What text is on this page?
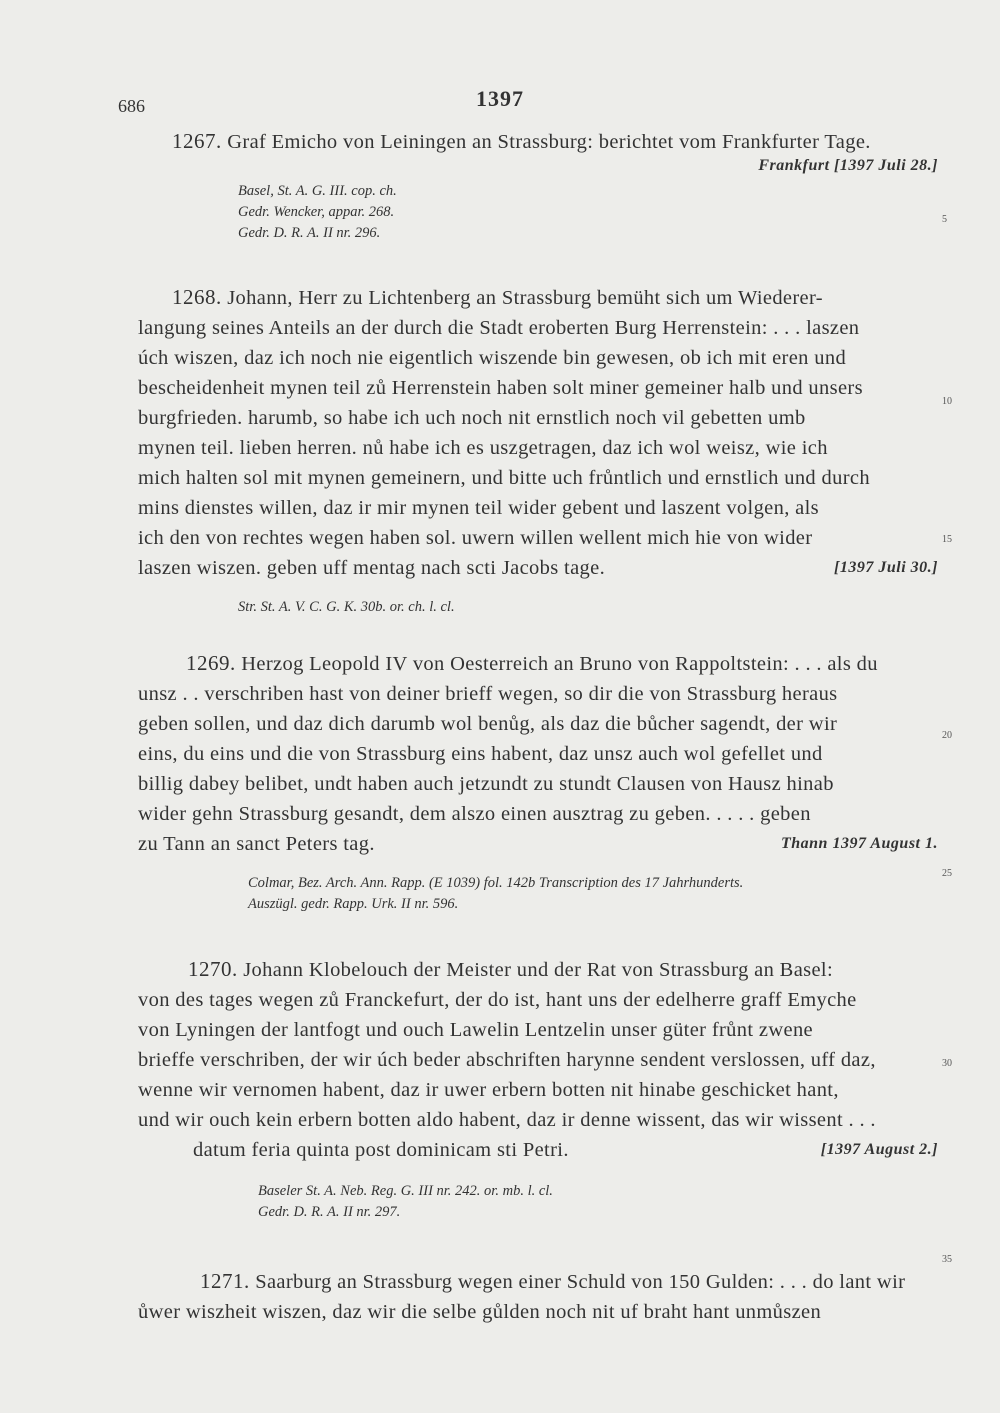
686	1397
5
10
15
20
25
30
35
1267. Graf Emicho von Leiningen an Strassburg: berichtet vom Frankfurter Tage.
Frankfurt [1397 Juli 28.]
Basel, St. A. G. III. cop. ch.
Gedr. Wencker, appar. 268.
Gedr. D. R. A. II nr. 296.
1268. Johann, Herr zu Lichtenberg an Strassburg bemüht sich um Wiederer-
langung seines Anteils an der durch die Stadt eroberten Burg Herrenstein: . . . laszen
úch wiszen, daz ich noch nie eigentlich wiszende bin gewesen, ob ich mit eren und
bescheidenheit mynen teil zů Herrenstein haben solt miner gemeiner halb und unsers
burgfrieden. harumb, so habe ich uch noch nit ernstlich noch vil gebetten umb
mynen teil. lieben herren. nů habe ich es uszgetragen, daz ich wol weisz, wie ich
mich halten sol mit mynen gemeinern, und bitte uch frůntlich und ernstlich und durch
mins dienstes willen, daz ir mir mynen teil wider gebent und laszent volgen, als
ich den von rechtes wegen haben sol. uwern willen wellent mich hie von wider
laszen wiszen. geben uff mentag nach scti Jacobs tage.	[1397 Juli 30.]
Str. St. A. V. C. G. K. 30b. or. ch. l. cl.
1269. Herzog Leopold IV von Oesterreich an Bruno von Rappoltstein: . . . als du
unsz . . verschriben hast von deiner brieff wegen, so dir die von Strassburg heraus
geben sollen, und daz dich darumb wol benůg, als daz die bůcher sagendt, der wir
eins, du eins und die von Strassburg eins habent, daz unsz auch wol gefellet und
billig dabey belibet, undt haben auch jetzundt zu stundt Clausen von Hausz hinab
wider gehn Strassburg gesandt, dem alszo einen ausztrag zu geben. . . . . geben
zu Tann an sanct Peters tag.	Thann 1397 August 1.
Colmar, Bez. Arch. Ann. Rapp. (E 1039) fol. 142b Transcription des 17 Jahrhunderts.
Auszügl. gedr. Rapp. Urk. II nr. 596.
1270. Johann Klobelouch der Meister und der Rat von Strassburg an Basel:
von des tages wegen zů Franckefurt, der do ist, hant uns der edelherre graff Emyche
von Lyningen der lantfogt und ouch Lawelin Lentzelin unser güter frůnt zwene
brieffe verschriben, der wir úch beder abschriften harynne sendent verslossen, uff daz,
wenne wir vernomen habent, daz ir uwer erbern botten nit hinabe geschicket hant,
und wir ouch kein erbern botten aldo habent, daz ir denne wissent, das wir wissent . . .
datum feria quinta post dominicam sti Petri.	[1397 August 2.]
Baseler St. A. Neb. Reg. G. III nr. 242. or. mb. l. cl.
Gedr. D. R. A. II nr. 297.
1271. Saarburg an Strassburg wegen einer Schuld von 150 Gulden: . . . do lant wir
ůwer wiszheit wiszen, daz wir die selbe gůlden noch nit uf braht hant unmůszen
